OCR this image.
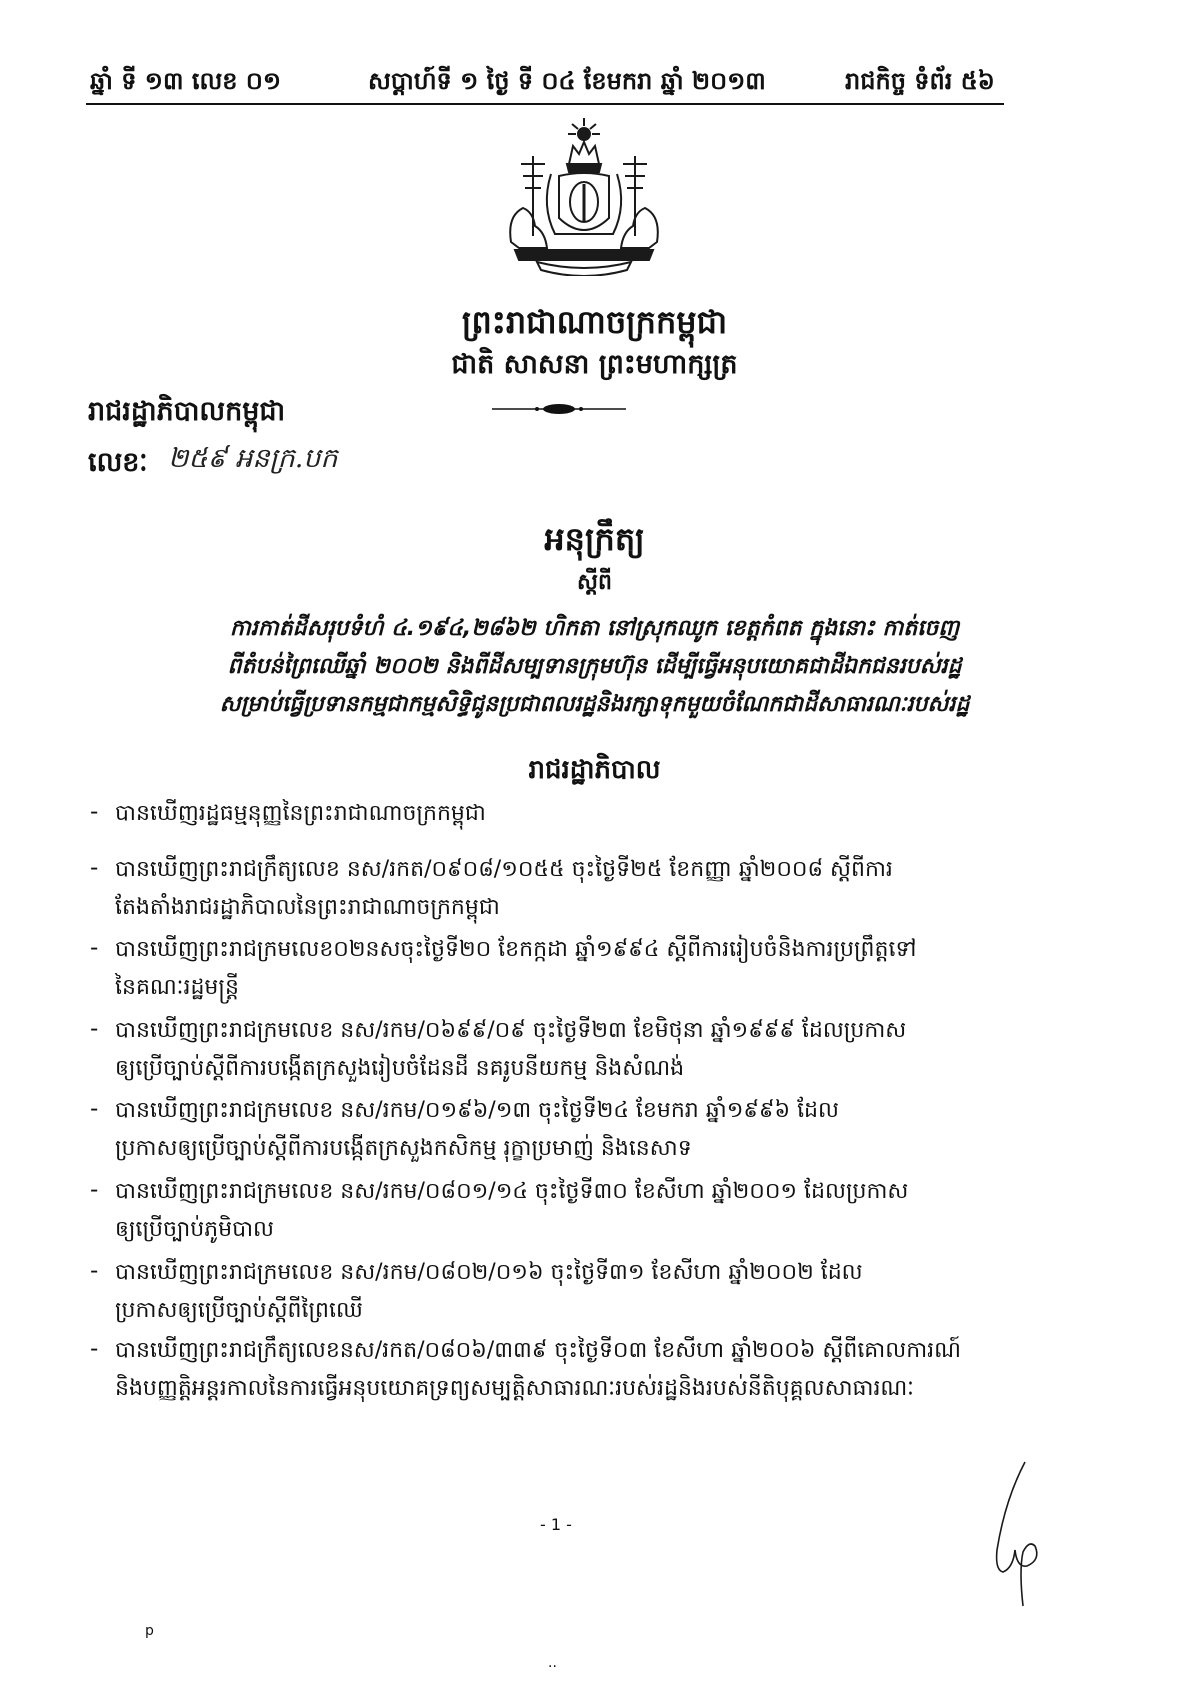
ឆ្នាំ ទី ១៣ លេខ ០១	សប្តាហ៍ទី ១ ថ្ងៃ ទី ០៤ ខែមករា ឆ្នាំ ២០១៣	រាជកិច្ច ទំព័រ ៥៦
ព្រះរាជាណាចក្រកម្ពុជា
ជាតិ សាសនា ព្រះមហាក្សត្រ
រាជរដ្ឋាភិបាលកម្ពុជា
លេខៈ ២៥៩ អនក្រ.បក
អនុក្រឹត្យ
ស្តីពី
ការកាត់ដីសរុបទំហំ ៤.១៩៤,២៨៦២ ហិកតា នៅស្រុកឈូក ខេត្តកំពត ក្នុងនោះ កាត់ចេញ
ពីតំបន់ព្រៃឈើឆ្នាំ ២០០២ និងពីដីសម្បទានក្រុមហ៊ុន ដើម្បីធ្វើអនុបយោគជាដីឯកជនរបស់រដ្ឋ
សម្រាប់ធ្វើប្រទានកម្មជាកម្មសិទ្ធិជូនប្រជាពលរដ្ឋនិងរក្សាទុកមួយចំណែកជាដីសាធារណៈរបស់រដ្ឋ
រាជរដ្ឋាភិបាល
- បានឃើញរដ្ឋធម្មនុញ្ញនៃព្រះរាជាណាចក្រកម្ពុជា
- បានឃើញព្រះរាជក្រឹត្យលេខ នស/រកត/០៩០៨/១០៥៥ ចុះថ្ងៃទី២៥ ខែកញ្ញា ឆ្នាំ២០០៨ ស្តីពីការ
តែងតាំងរាជរដ្ឋាភិបាលនៃព្រះរាជាណាចក្រកម្ពុជា
- បានឃើញព្រះរាជក្រមលេខ០២នសចុះថ្ងៃទី២០ ខែកក្កដា ឆ្នាំ១៩៩៤ ស្តីពីការរៀបចំនិងការប្រព្រឹត្តទៅ
នៃគណៈរដ្ឋមន្ត្រី
- បានឃើញព្រះរាជក្រមលេខ នស/រកម/០៦៩៩/០៩ ចុះថ្ងៃទី២៣ ខែមិថុនា ឆ្នាំ១៩៩៩ ដែលប្រកាស
ឲ្យប្រើច្បាប់ស្តីពីការបង្កើតក្រសួងរៀបចំដែនដី នគរូបនីយកម្ម និងសំណង់
- បានឃើញព្រះរាជក្រមលេខ នស/រកម/០១៩៦/១៣ ចុះថ្ងៃទី២៤ ខែមករា ឆ្នាំ១៩៩៦ ដែល
ប្រកាសឲ្យប្រើច្បាប់ស្តីពីការបង្កើតក្រសួងកសិកម្ម រុក្ខាប្រមាញ់ និងនេសាទ
- បានឃើញព្រះរាជក្រមលេខ នស/រកម/០៨០១/១៤ ចុះថ្ងៃទី៣០ ខែសីហា ឆ្នាំ២០០១ ដែលប្រកាស
ឲ្យប្រើច្បាប់ភូមិបាល
- បានឃើញព្រះរាជក្រមលេខ នស/រកម/០៨០២/០១៦ ចុះថ្ងៃទី៣១ ខែសីហា ឆ្នាំ២០០២ ដែល
ប្រកាសឲ្យប្រើច្បាប់ស្តីពីព្រៃឈើ
- បានឃើញព្រះរាជក្រឹត្យលេខនស/រកត/០៨០៦/៣៣៩ ចុះថ្ងៃទី០៣ ខែសីហា ឆ្នាំ២០០៦ ស្តីពីគោលការណ៍
និងបញ្ញត្តិអន្តរកាលនៃការធ្វើអនុបយោគទ្រព្យសម្បត្តិសាធារណៈរបស់រដ្ឋនិងរបស់នីតិបុគ្គលសាធារណៈ
- 1 -
p
..
